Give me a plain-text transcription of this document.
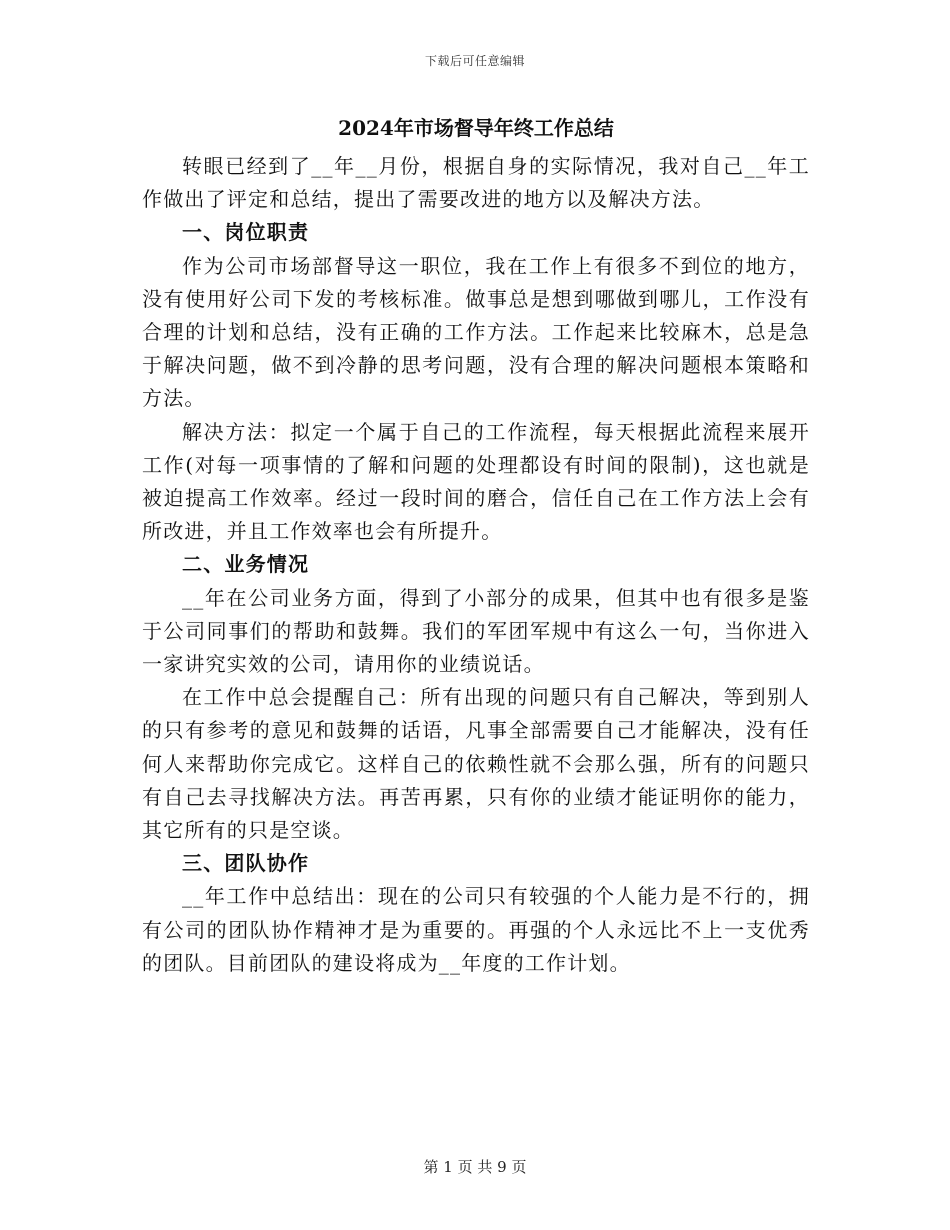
下载后可任意编辑
2024年市场督导年终工作总结

转眼已经到了__年__月份，根据自身的实际情况，我对自己__年工作做出了评定和总结，提出了需要改进的地方以及解决方法。

一、岗位职责

作为公司市场部督导这一职位，我在工作上有很多不到位的地方，没有使用好公司下发的考核标准。做事总是想到哪做到哪儿，工作没有合理的计划和总结，没有正确的工作方法。工作起来比较麻木，总是急于解决问题，做不到冷静的思考问题，没有合理的解决问题根本策略和方法。

解决方法：拟定一个属于自己的工作流程，每天根据此流程来展开工作(对每一项事情的了解和问题的处理都设有时间的限制)，这也就是被迫提高工作效率。经过一段时间的磨合，信任自己在工作方法上会有所改进，并且工作效率也会有所提升。

二、业务情况

__年在公司业务方面，得到了小部分的成果，但其中也有很多是鉴于公司同事们的帮助和鼓舞。我们的军团军规中有这么一句，当你进入一家讲究实效的公司，请用你的业绩说话。

在工作中总会提醒自己：所有出现的问题只有自己解决，等到别人的只有参考的意见和鼓舞的话语，凡事全部需要自己才能解决，没有任何人来帮助你完成它。这样自己的依赖性就不会那么强，所有的问题只有自己去寻找解决方法。再苦再累，只有你的业绩才能证明你的能力，其它所有的只是空谈。

三、团队协作

__年工作中总结出：现在的公司只有较强的个人能力是不行的，拥有公司的团队协作精神才是为重要的。再强的个人永远比不上一支优秀的团队。目前团队的建设将成为__年度的工作计划。

第 1 页 共 9 页
